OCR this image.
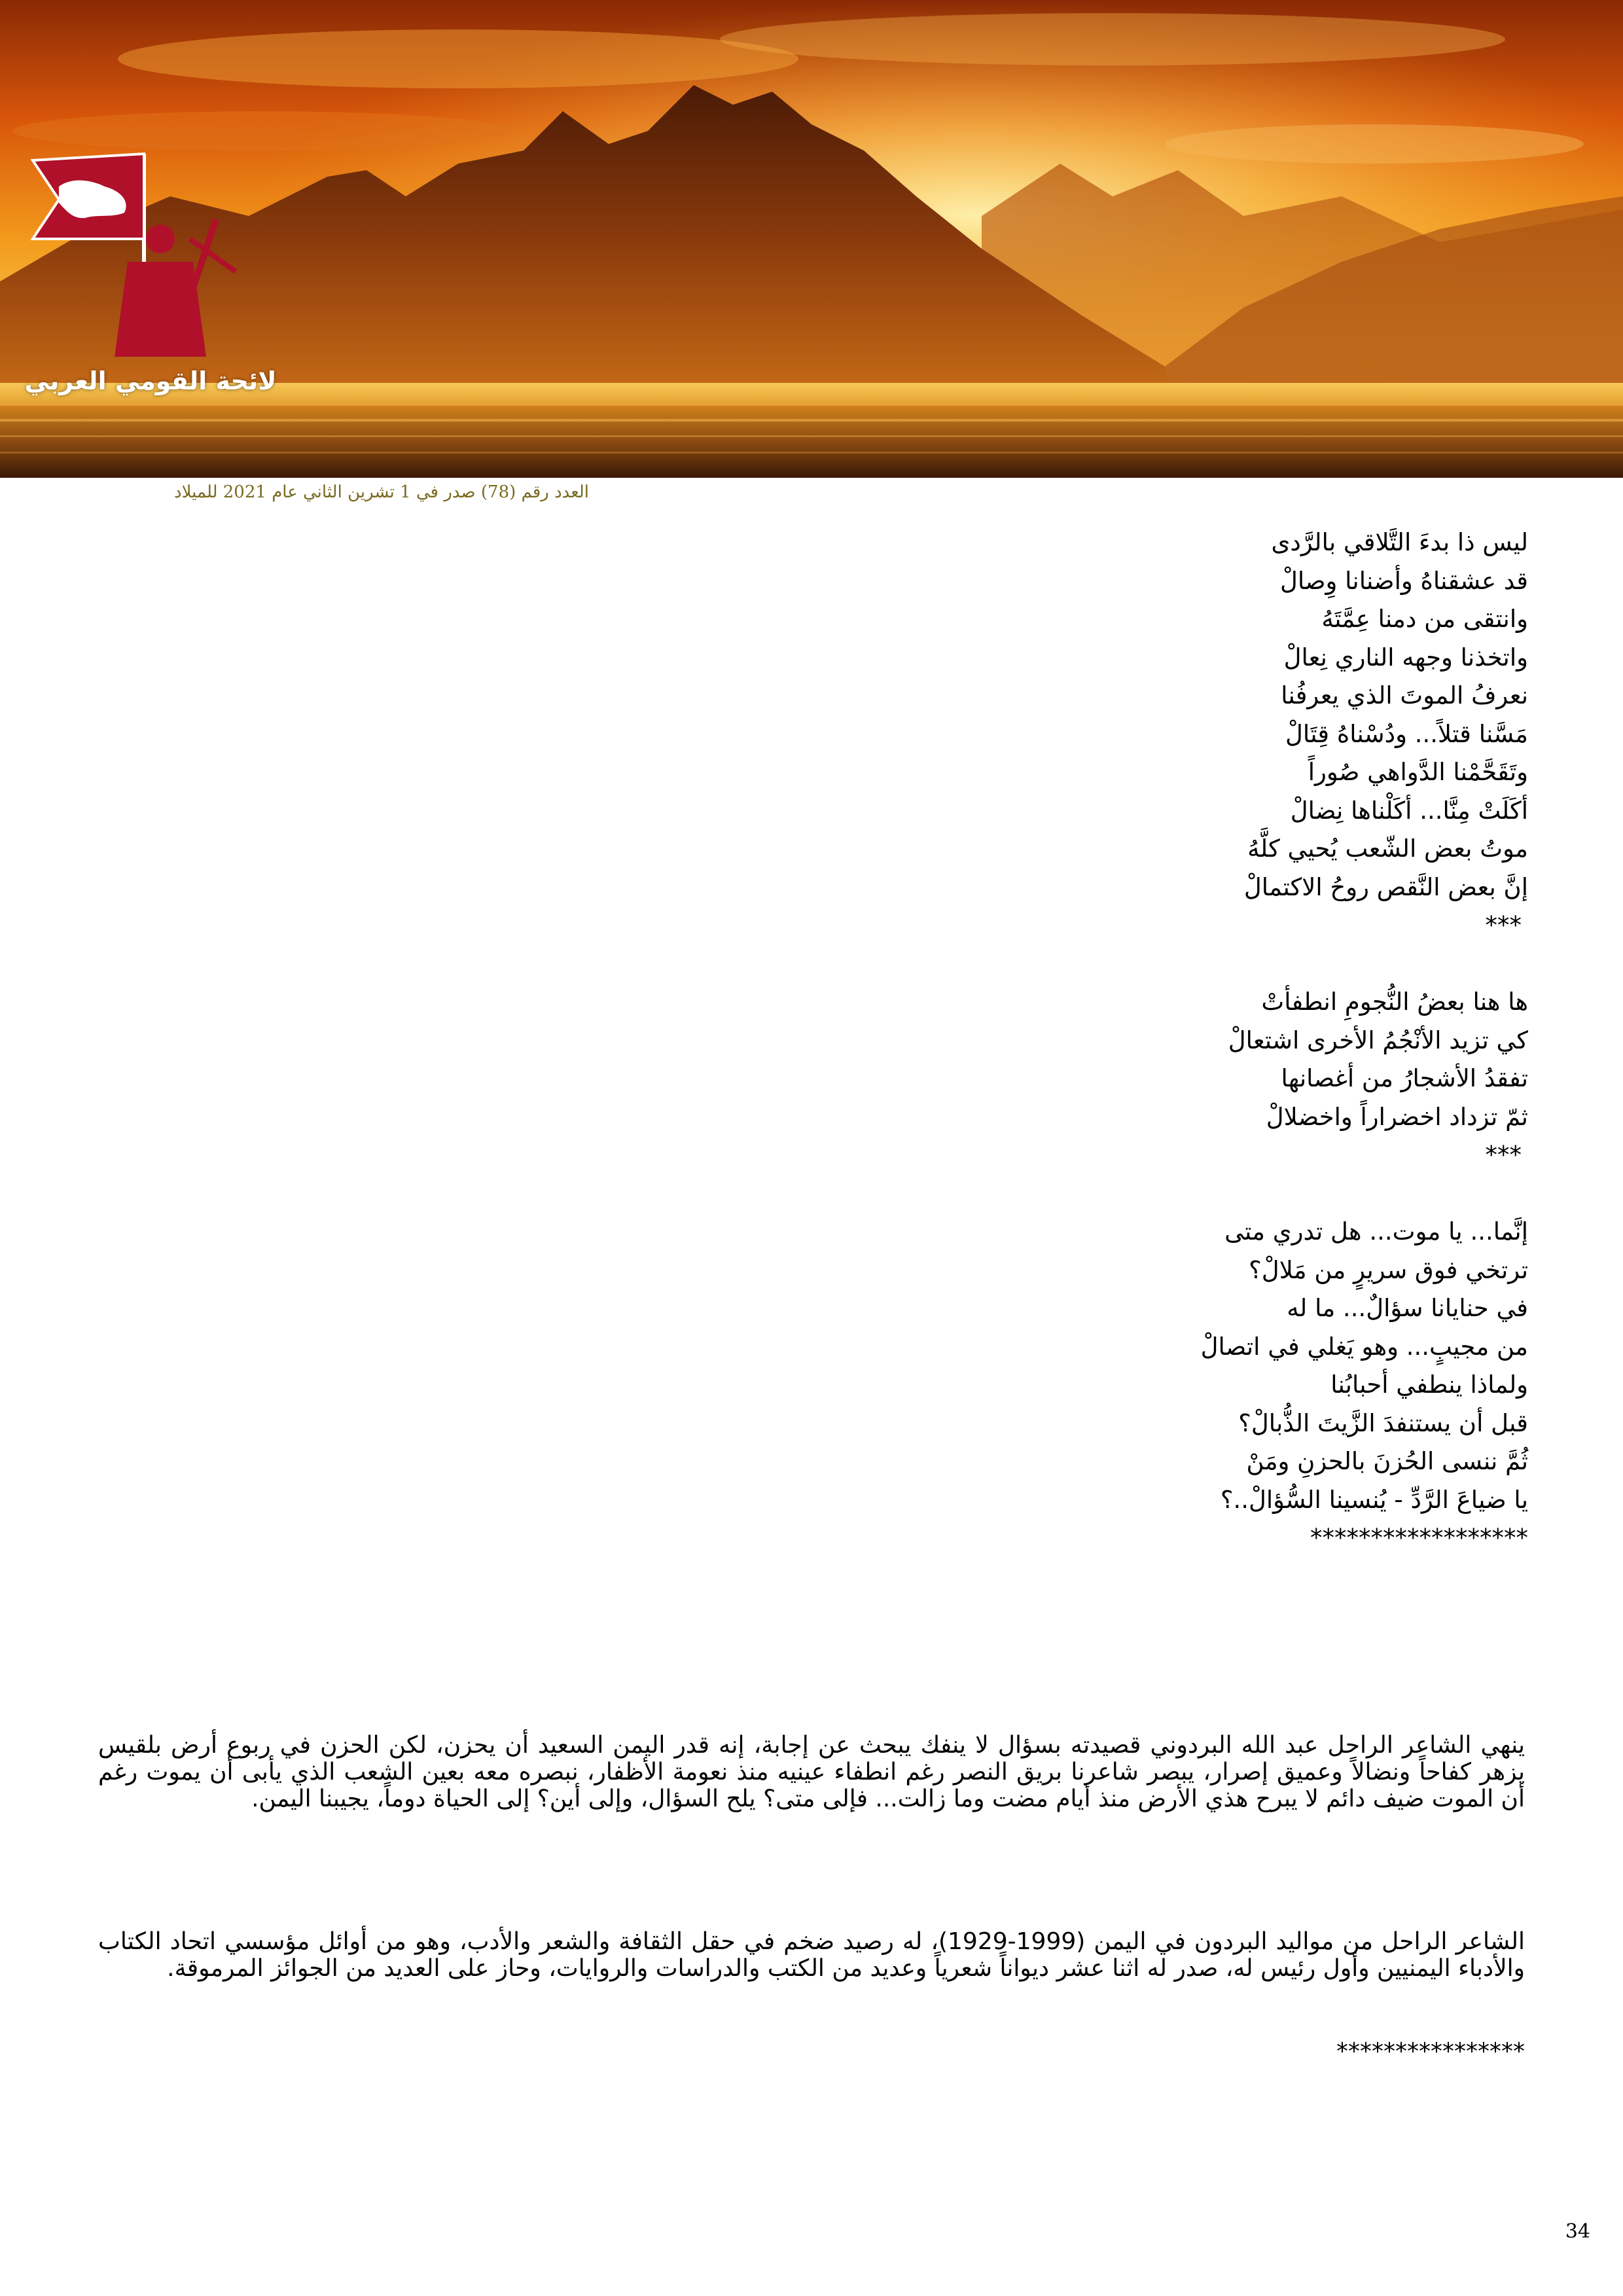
لائحة القومي العربي
العدد رقم (78) صدر في 1 تشرين الثاني عام 2021 للميلاد
ليس ذا بدءَ التَّلاقي بالرَّدى
قد عشقناهُ وأضنانا وِصالْ
وانتقى من دمنا عِمَّتَهُ
واتخذنا وجهه الناري نِعالْ
نعرفُ الموتَ الذي يعرفُنا
مَسَّنا قتلاً... ودُسْناهُ قِتَالْ
وتَقَحَّمْنا الدَّواهي صُوراً
أكَلَتْ مِنَّا... أكَلْناها نِضالْ
موتُ بعض الشّعب يُحيي كلَّهُ
إنَّ بعض النَّقص روحُ الاكتمالْ
***
ها هنا بعضُ النُّجومِ انطفأتْ
كي تزيد الأنْجُمُ الأخرى اشتعالْ
تفقدُ الأشجارُ من أغصانها
ثمّ تزداد اخضراراً واخضلالْ
***
إنَّما... يا موت... هل تدري متى
ترتخي فوق سريرٍ من مَلالْ؟
في حنايانا سؤالٌ... ما له
من مجيبٍ... وهو يَغلي في اتصالْ
ولماذا ينطفي أحبابُنا
قبل أن يستنفدَ الزَّيتَ الذُّبالْ؟
ثُمَّ ننسى الحُزنَ بالحزنِ ومَنْ
يا ضياعَ الرَّدِّ - يُنسينا السُّؤالْ..؟
******************

ينهي الشاعر الراحل عبد الله البردوني قصيدته بسؤال لا ينفك يبحث عن إجابة، إنه قدر اليمن السعيد أن يحزن، لكن الحزن في ربوع أرض بلقيس يزهر كفاحاً ونضالاً وعميق إصرار، يبصر شاعرنا بريق النصر رغم انطفاء عينيه منذ نعومة الأظفار، نبصره معه بعين الشعب الذي يأبى أن يموت رغم أن الموت ضيف دائم لا يبرح هذي الأرض منذ أيام مضت وما زالت... فإلى متى؟ يلح السؤال، وإلى أين؟ إلى الحياة دوماً، يجيبنا اليمن.

الشاعر الراحل من مواليد البردون في اليمن (1999-1929)، له رصيد ضخم في حقل الثقافة والشعر والأدب، وهو من أوائل مؤسسي اتحاد الكتاب والأدباء اليمنيين وأول رئيس له، صدر له اثنا عشر ديواناً شعرياً وعديد من الكتب والدراسات والروايات، وحاز على العديد من الجوائز المرموقة.

****************
34
